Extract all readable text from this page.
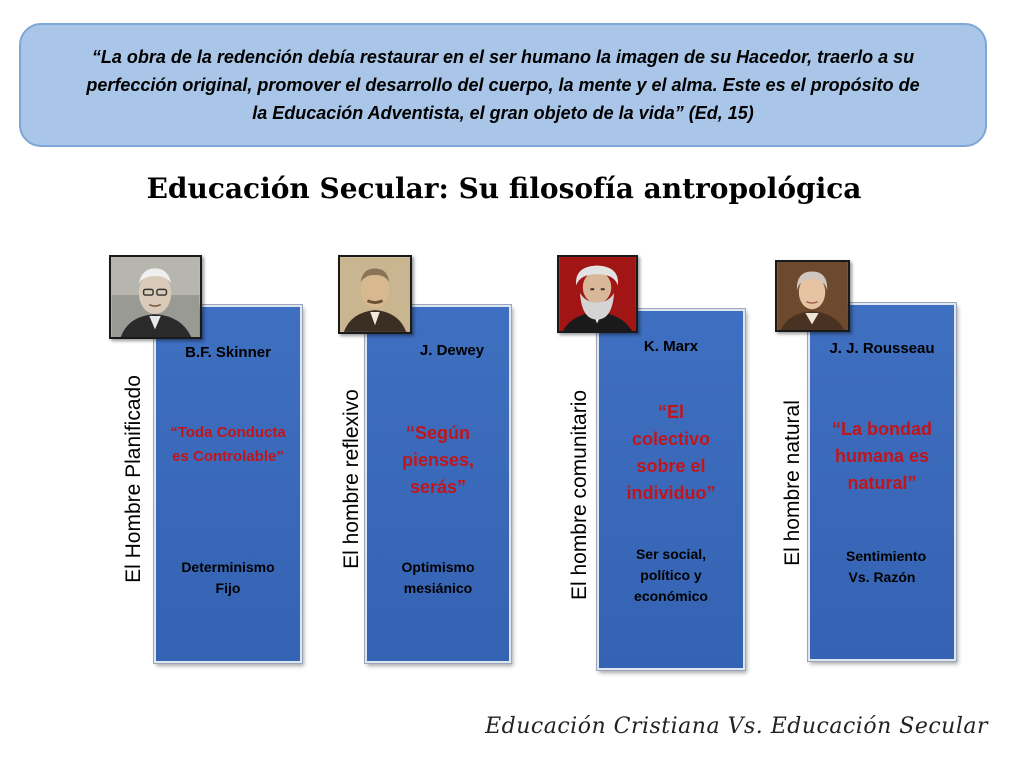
“La obra de la redención debía restaurar en el ser humano la imagen de su Hacedor, traerlo a su perfección original, promover el desarrollo del cuerpo, la mente y el alma. Este es el propósito de la Educación Adventista, el gran objeto de la vida” (Ed, 15)
Educación Secular: Su filosofía antropológica
El Hombre Planificado
B.F. Skinner
“Toda Conducta es Controlable”
Determinismo Fijo
El hombre reflexivo
J. Dewey
“Según pienses, serás”
Optimismo mesiánico	El hombre comunitario
K. Marx
“El colectivo sobre el individuo”
Ser social, político y económico
El hombre natural
J. J. Rousseau
“La bondad humana es natural”
Sentimiento Vs. Razón
Educación Cristiana Vs. Educación Secular
